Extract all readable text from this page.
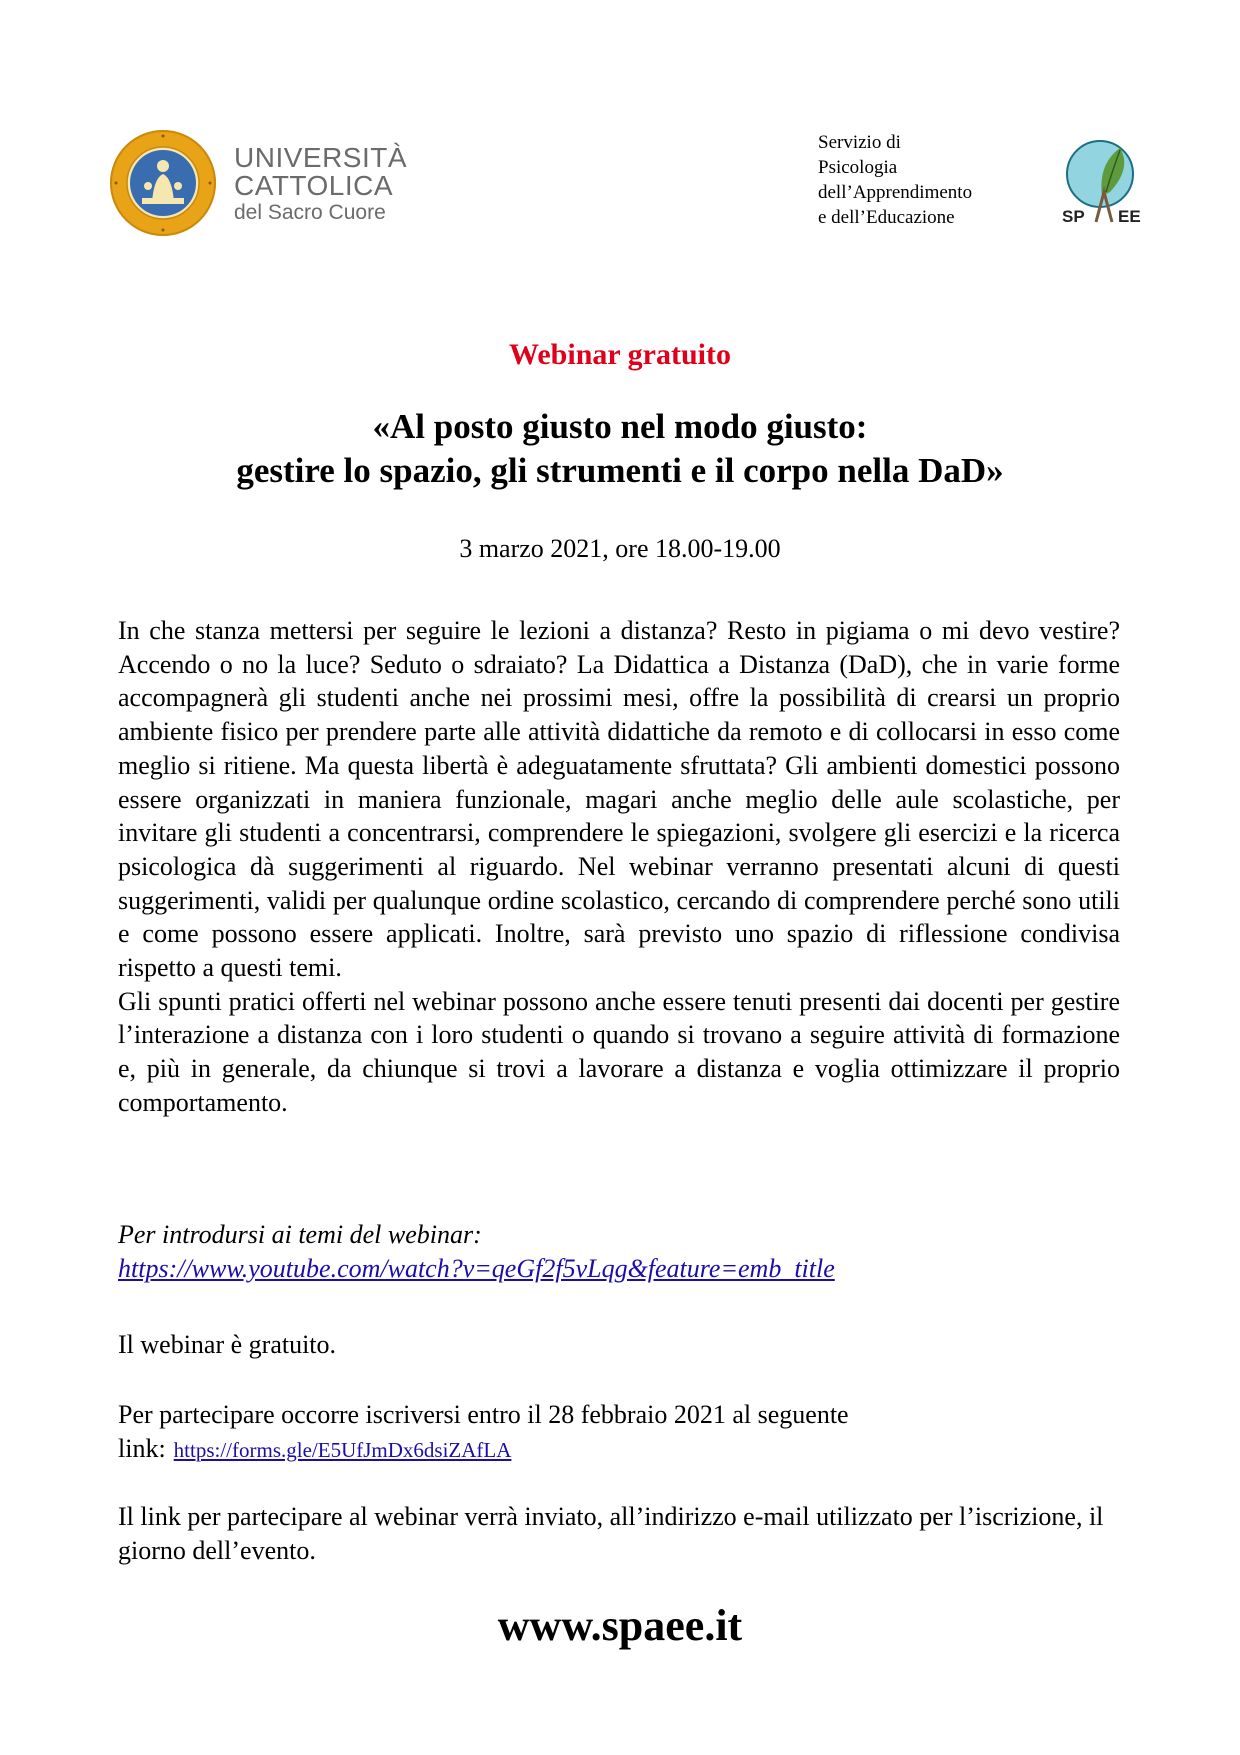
UNIVERSITÀ
CATTOLICA
del Sacro Cuore
Servizio di
Psicologia
dell’Apprendimento
e dell’Educazione	SP EE
Webinar gratuito
«Al posto giusto nel modo giusto:
gestire lo spazio, gli strumenti e il corpo nella DaD»
3 marzo 2021, ore 18.00-19.00

In che stanza mettersi per seguire le lezioni a distanza? Resto in pigiama o mi devo vestire? Accendo o no la luce? Seduto o sdraiato? La Didattica a Distanza (DaD), che in varie forme accompagnerà gli studenti anche nei prossimi mesi, offre la possibilità di crearsi un proprio ambiente fisico per prendere parte alle attività didattiche da remoto e di collocarsi in esso come meglio si ritiene. Ma questa libertà è adeguatamente sfruttata? Gli ambienti domestici possono essere organizzati in maniera funzionale, magari anche meglio delle aule scolastiche, per invitare gli studenti a concentrarsi, comprendere le spiegazioni, svolgere gli esercizi e la ricerca psicologica dà suggerimenti al riguardo. Nel webinar verranno presentati alcuni di questi suggerimenti, validi per qualunque ordine scolastico, cercando di comprendere perché sono utili e come possono essere applicati. Inoltre, sarà previsto uno spazio di riflessione condivisa rispetto a questi temi.

Gli spunti pratici offerti nel webinar possono anche essere tenuti presenti dai docenti per gestire l’interazione a distanza con i loro studenti o quando si trovano a seguire attività di formazione e, più in generale, da chiunque si trovi a lavorare a distanza e voglia ottimizzare il proprio comportamento.

Per introdursi ai temi del webinar:
https://www.youtube.com/watch?v=qeGf2f5vLqg&feature=emb_title
Il webinar è gratuito.
Per partecipare occorre iscriversi entro il 28 febbraio 2021 al seguente link: https://forms.gle/E5UfJmDx6dsiZAfLA
Il link per partecipare al webinar verrà inviato, all’indirizzo e-mail utilizzato per l’iscrizione, il giorno dell’evento.
www.spaee.it
